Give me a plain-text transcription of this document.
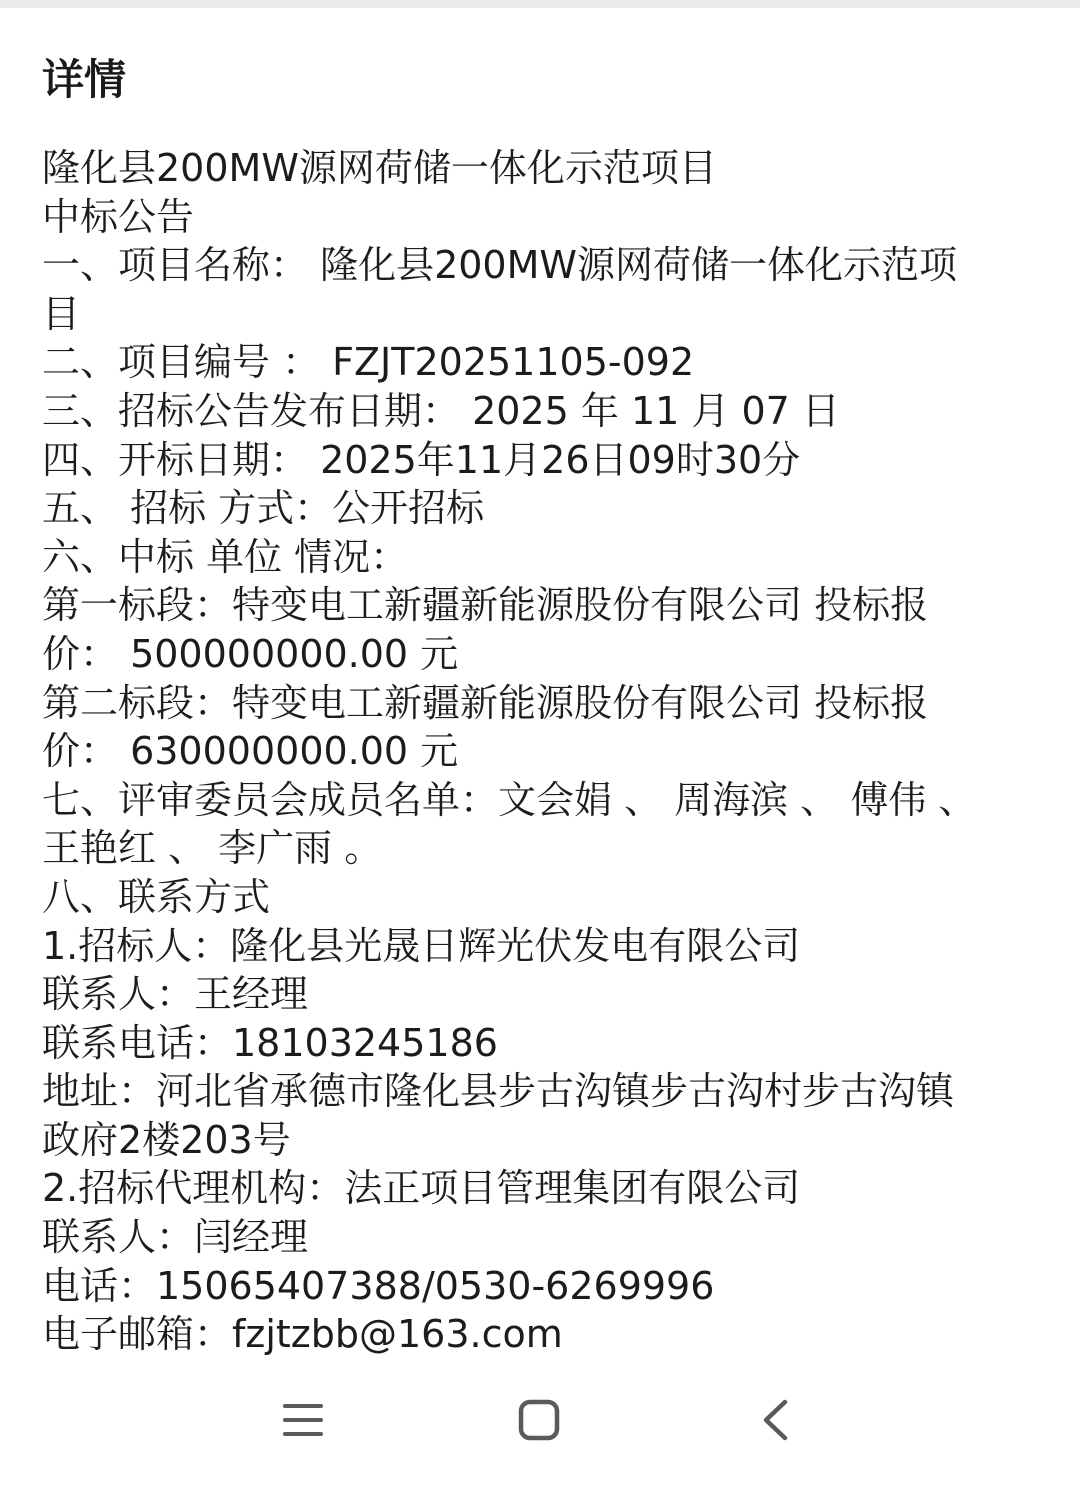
详情
隆化县200MW源网荷储一体化示范项目
中标公告
一、项目名称： 隆化县200MW源网荷储一体化示范项
目
二、项目编号 ： FZJT20251105-092
三、招标公告发布日期： 2025 年 11 月 07 日
四、开标日期： 2025年11月26日09时30分
五、 招标 方式：公开招标
六、中标 单位 情况：
第一标段：特变电工新疆新能源股份有限公司 投标报
价： 500000000.00 元
第二标段：特变电工新疆新能源股份有限公司 投标报
价： 630000000.00 元
七、评审委员会成员名单：文会娟 、 周海滨 、 傅伟 、
王艳红 、 李广雨 。
八、联系方式
1.招标人：隆化县光晟日辉光伏发电有限公司
联系人：王经理
联系电话：18103245186
地址：河北省承德市隆化县步古沟镇步古沟村步古沟镇
政府2楼203号
2.招标代理机构：法正项目管理集团有限公司
联系人：闫经理
电话：15065407388/0530-6269996
电子邮箱：fzjtzbb@163.com
